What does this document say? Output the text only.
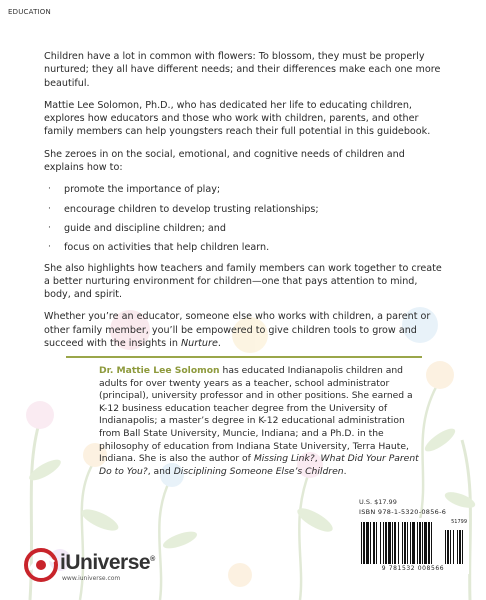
EDUCATION

Children have a lot in common with flowers: To blossom, they must be properly nurtured; they all have different needs; and their differences make each one more beautiful.

Mattie Lee Solomon, Ph.D., who has dedicated her life to educating children, explores how educators and those who work with children, parents, and other family members can help youngsters reach their full potential in this guidebook.

She zeroes in on the social, emotional, and cognitive needs of children and explains how to:

· promote the importance of play;
· encourage children to develop trusting relationships;
· guide and discipline children; and
· focus on activities that help children learn.

She also highlights how teachers and family members can work together to create a better nurturing environment for children—one that pays attention to mind, body, and spirit.

Whether you’re an educator, someone else who works with children, a parent or other family member, you’ll be empowered to give children tools to grow and succeed with the insights in Nurture.

Dr. Mattie Lee Solomon has educated Indianapolis children and adults for over twenty years as a teacher, school administrator (principal), university professor and in other positions. She earned a K-12 business education teacher degree from the University of Indianapolis; a master’s degree in K-12 educational administration from Ball State University, Muncie, Indiana; and a Ph.D. in the philosophy of education from Indiana State University, Terra Haute, Indiana. She is also the author of Missing Link?, What Did Your Parent Do to You?, and Disciplining Someone Else’s Children.
U.S. $17.99
ISBN 978-1-5320-0856-6
51799
9 781532 008566
iUniverse®
www.iuniverse.com
